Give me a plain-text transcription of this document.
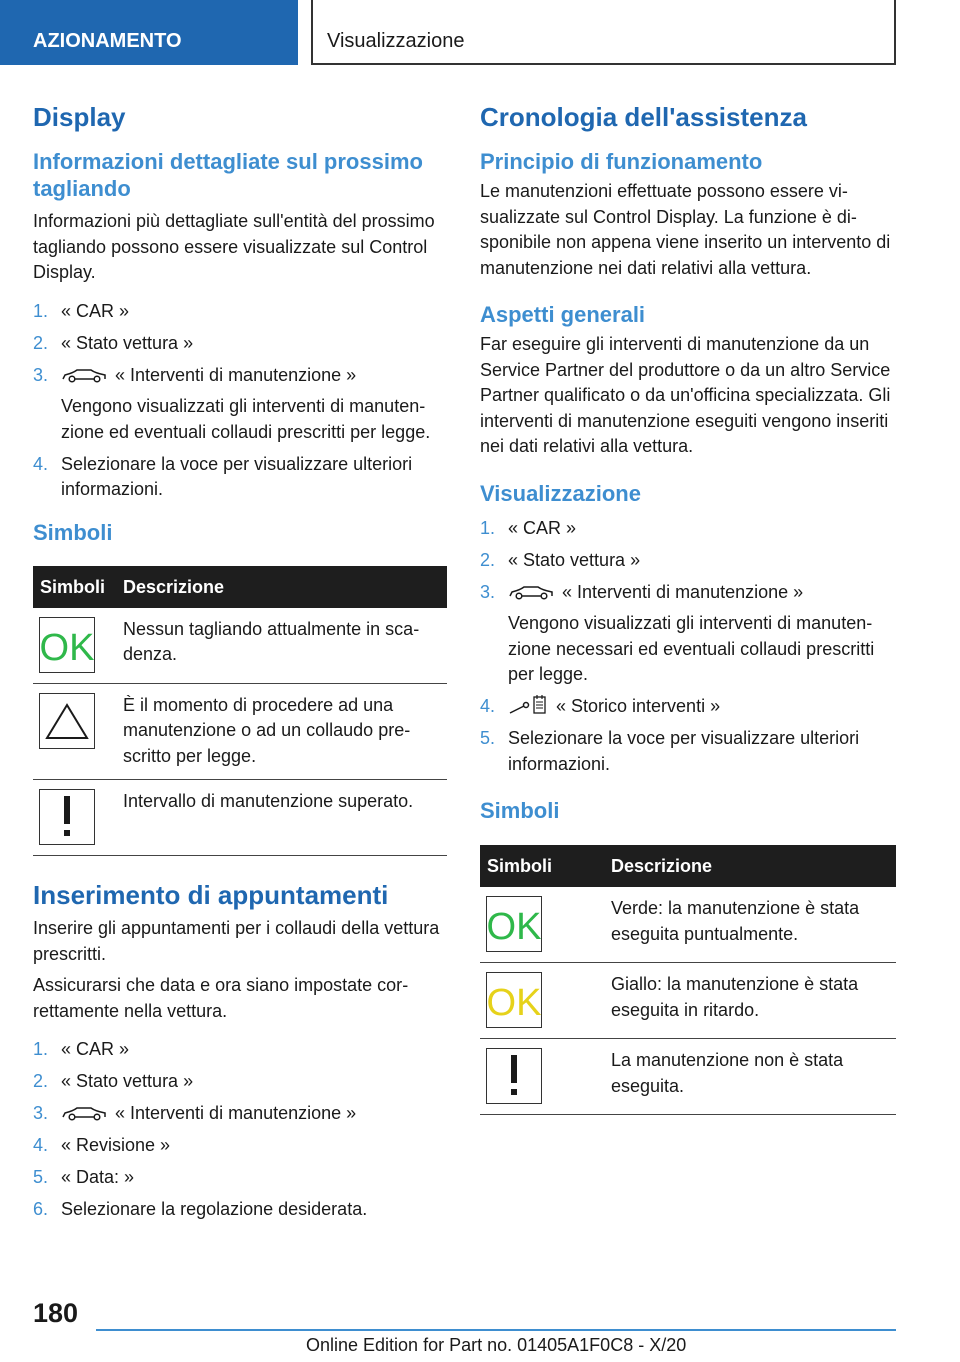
AZIONAMENTO	Visualizzazione
Display
Informazioni dettagliate sul prossimo tagliando

Informazioni più dettagliate sull'entità del prossimo tagliando possono essere visualizzate sul Control Display.

1. « CAR »
2. « Stato vettura »
3.	« Interventi di manutenzione »
Vengono visualizzati gli interventi di manutenzione ed eventuali collaudi prescritti per legge.
4. Selezionare la voce per visualizzare ulteriori informazioni.
Simboli
Simboli	Descrizione

OK	Nessun tagliando attualmente in scadenza.

	È il momento di procedere ad una manutenzione o ad un collaudo prescritto per legge.

	Intervallo di manutenzione superato.
Inserimento di appuntamenti

Inserire gli appuntamenti per i collaudi della vettura prescritti.

Assicurarsi che data e ora siano impostate correttamente nella vettura.

1. « CAR »
2. « Stato vettura »
3.	« Interventi di manutenzione »
4. « Revisione »
5. « Data: »
6. Selezionare la regolazione desiderata.
Cronologia dell'assistenza
Principio di funzionamento

Le manutenzioni effettuate possono essere visualizzate sul Control Display. La funzione è disponibile non appena viene inserito un intervento di manutenzione nei dati relativi alla vettura.

Aspetti generali

Far eseguire gli interventi di manutenzione da un Service Partner del produttore o da un altro Service Partner qualificato o da un'officina specializzata. Gli interventi di manutenzione eseguiti vengono inseriti nei dati relativi alla vettura.

Visualizzazione
1. « CAR »
2. « Stato vettura »
3.	« Interventi di manutenzione »
Vengono visualizzati gli interventi di manutenzione necessari ed eventuali collaudi prescritti per legge.
4.	« Storico interventi »
5. Selezionare la voce per visualizzare ulteriori informazioni.
Simboli
Simboli	Descrizione

OK	Verde: la manutenzione è stata eseguita puntualmente.

OK	Giallo: la manutenzione è stata eseguita in ritardo.

	La manutenzione non è stata eseguita.
180
Online Edition for Part no. 01405A1F0C8 - X/20
